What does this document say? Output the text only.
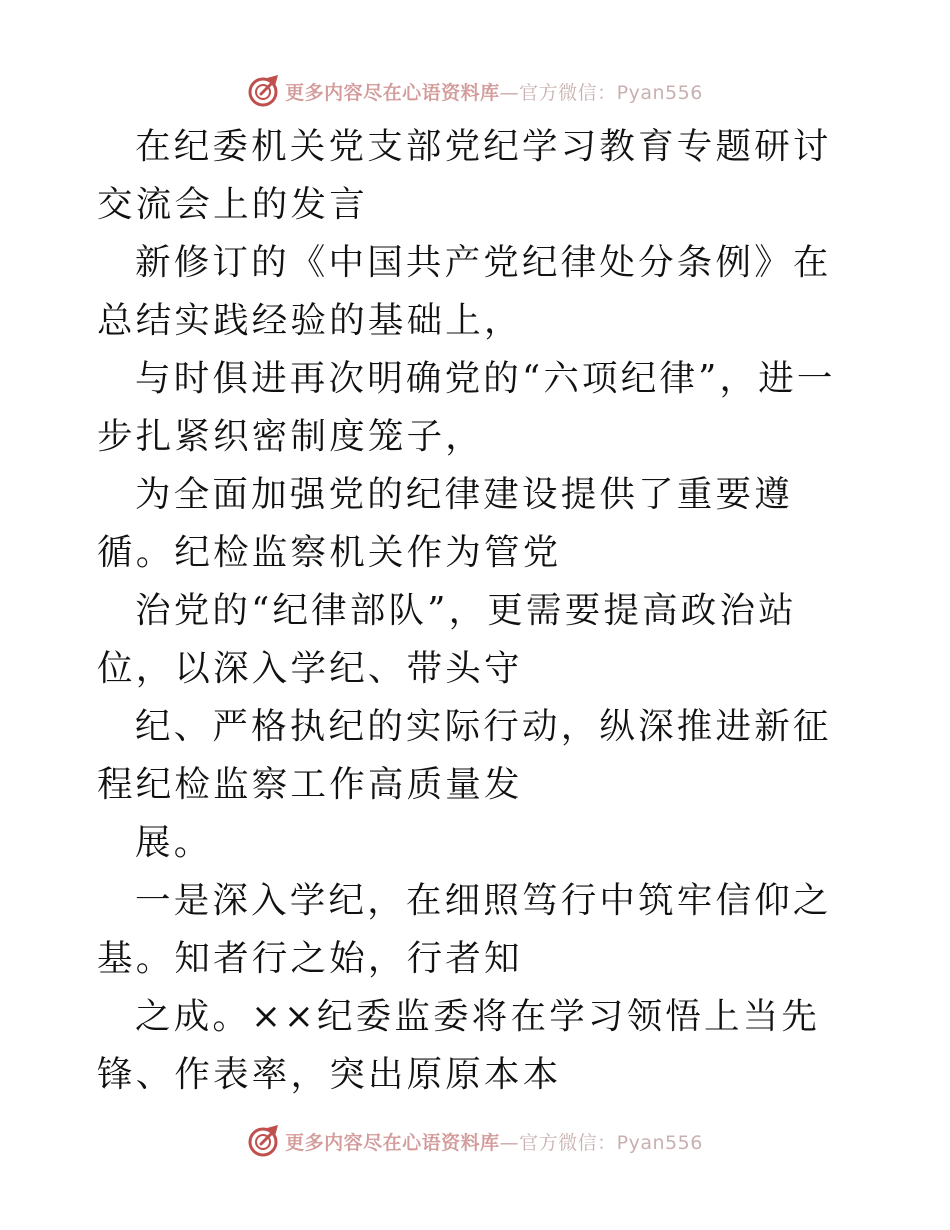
更多内容尽在心语资料库—官方微信：Pyan556

在纪委机关党支部党纪学习教育专题研讨交流会上的发言

新修订的《中国共产党纪律处分条例》在总结实践经验的基础上，

与时俱进再次明确党的“六项纪律”，进一步扎紧织密制度笼子，

为全面加强党的纪律建设提供了重要遵循。纪检监察机关作为管党

治党的“纪律部队”，更需要提高政治站位，以深入学纪、带头守

纪、严格执纪的实际行动，纵深推进新征程纪检监察工作高质量发

展。

一是深入学纪，在细照笃行中筑牢信仰之基。知者行之始，行者知

之成。××纪委监委将在学习领悟上当先锋、作表率，突出原原本本

更多内容尽在心语资料库—官方微信：Pyan556
